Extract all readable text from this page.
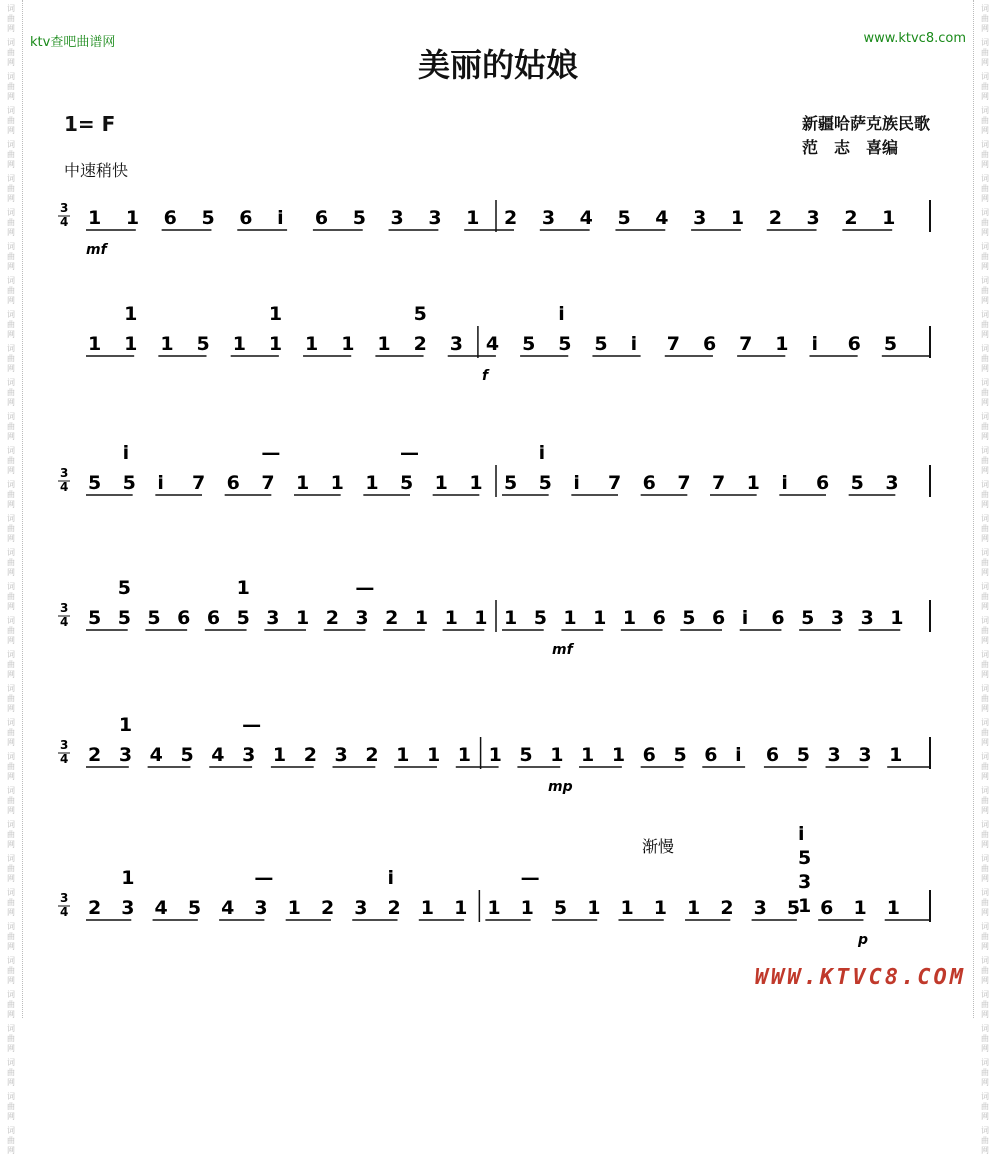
词
曲
网
词
曲
网
词
曲
网
词
曲
网
词
曲
网
词
曲
网
词
曲
网
词
曲
网
词
曲
网
词
曲
网
词
曲
网
词
曲
网
词
曲
网
词
曲
网
词
曲
网
词
曲
网
词
曲
网
词
曲
网
词
曲
网
词
曲
网
词
曲
网
词
曲
网
词
曲
网
词
曲
网
词
曲
网
词
曲
网
词
曲
网
词
曲
网
词
曲
网
词
曲
网
词
曲
网
词
曲
网
词
曲
网
词
曲
网
词
曲
网
词
曲
网
词
曲
网
词
曲
网
词
曲
网
词
曲
网
词
曲
网
词
曲
网
词
曲
网
词
曲
网
词
曲
网
词
曲
网
词
曲
网
词
曲
网
词
曲
网
词
曲
网
词
曲
网
词
曲
网
词
曲
网
词
曲
网
词
曲
网
词
曲
网
词
曲
网
词
曲
网
词
曲
网
词
曲
网
词
曲
网
词
曲
网
词
曲
网
词
曲
网
词
曲
网
词
曲
网
词
曲
网
词
曲
网
ktv查吧曲谱网	www.ktvc8.com
美丽的姑娘
1= F
中速稍快
新疆哈萨克族民歌
范　志　喜编
3
4 1 1 6 5 6 i 6 5 3 3 1 2 3 4 5 4 3 1 2 3 2 1
mf
1 1 1 5 1 1 1 1 1 2 3 4 5 5 5 i 7 6 7 1 i 6 5
1	1	5	i
f
3
4 5 5 i 7 6 7 1 1 1 5 1 1 5 5 i 7 6 7 7 1 i 6 5 3
i	—	—	i
3
4 5 5 5 6 6 5 3 1 2 3 2 1 1 1 1 5 1 1 1 6 5 6 i 6 5 3 3 1
5	1	—
mf
3
4 2 3 4 5 4 3 1 2 3 2 1 1 1 1 5 1 1 1 6 5 6 i 6 5 3 3 1
1	—
mp
3
4 2 3 4 5 4 3 1 2 3 2 1 1 1 1 5 1 1 1 1 2 3 5 6 1 1
1	—	i	—
p
i
5
3
1
渐慢
WWW.KTVC8.COM
